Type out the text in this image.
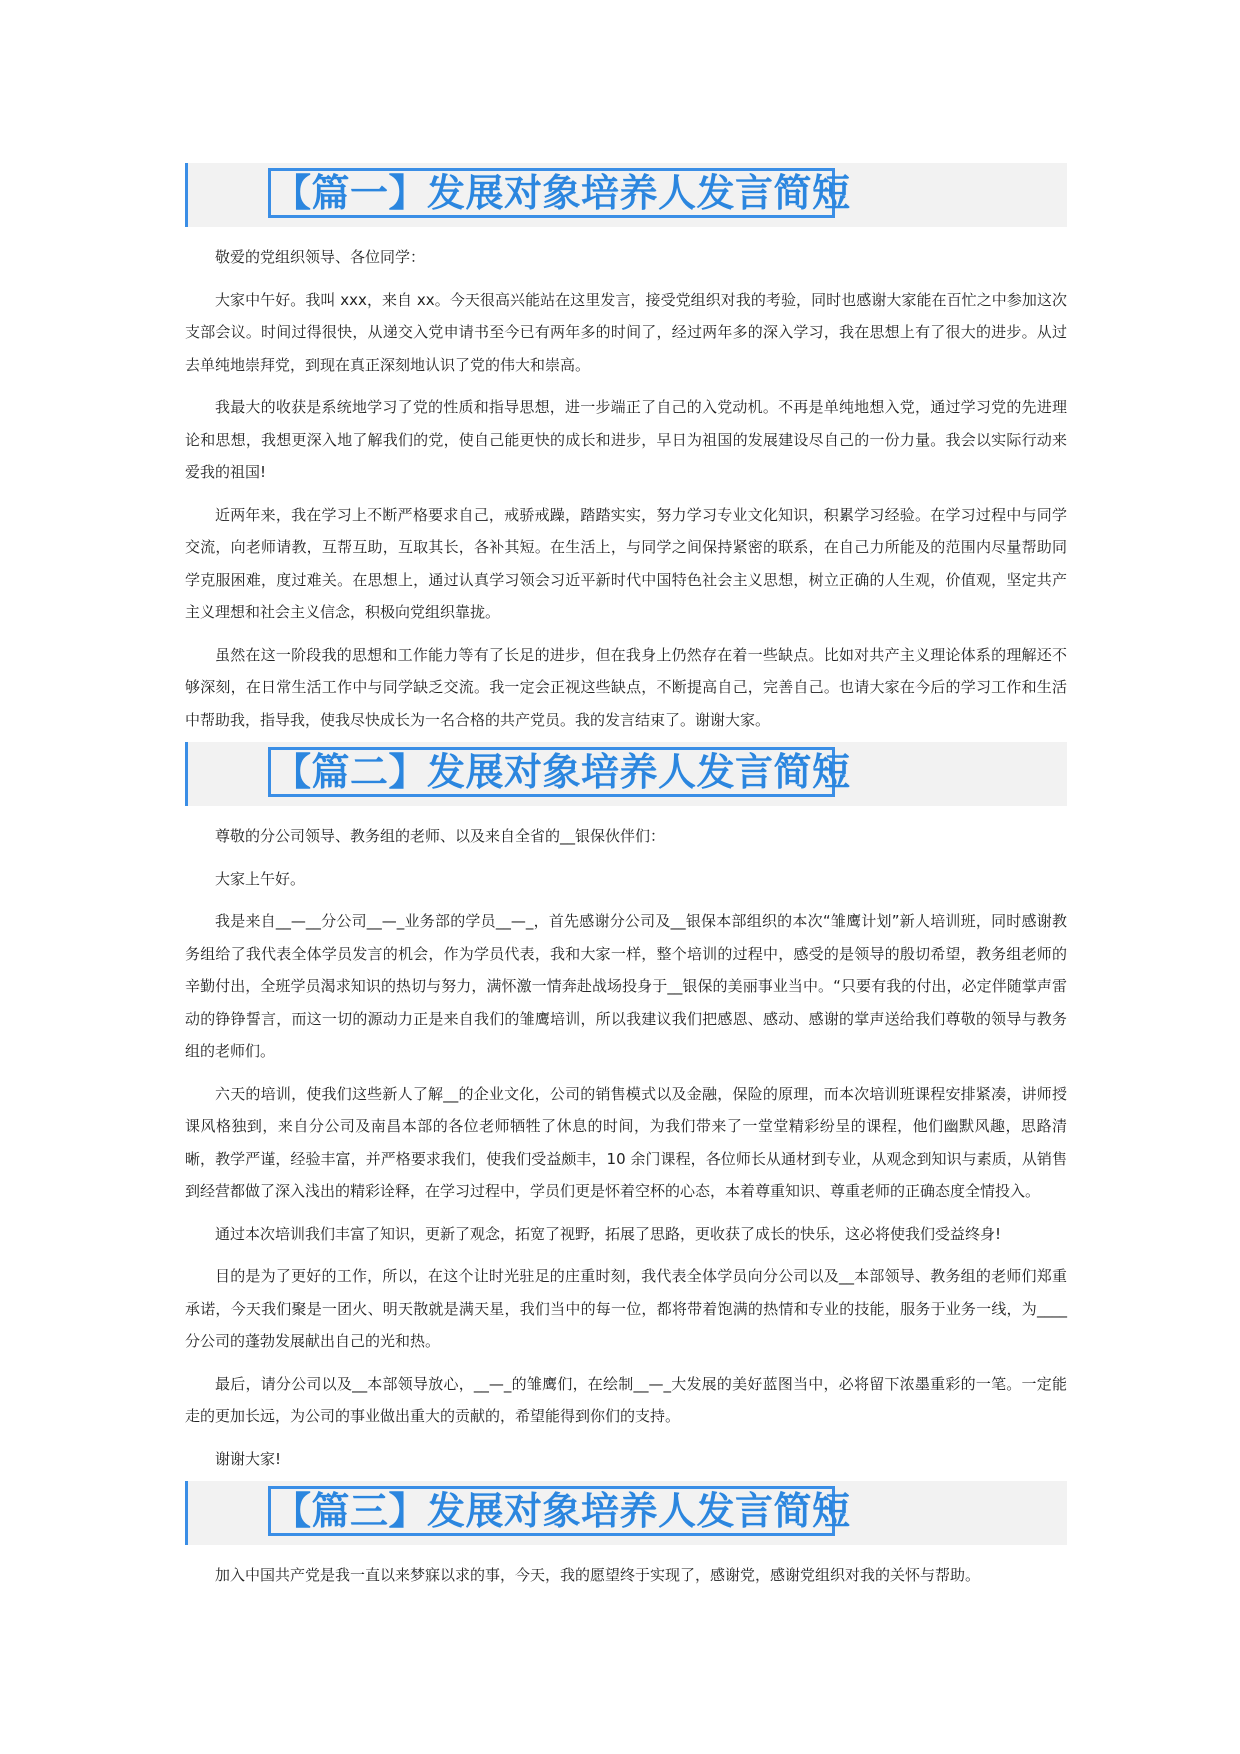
【篇一】发展对象培养人发言简短

敬爱的党组织领导、各位同学：

大家中午好。我叫 xxx，来自 xx。今天很高兴能站在这里发言，接受党组织对我的考验，同时也感谢大家能在百忙之中参加这次支部会议。时间过得很快，从递交入党申请书至今已有两年多的时间了，经过两年多的深入学习，我在思想上有了很大的进步。从过去单纯地崇拜党，到现在真正深刻地认识了党的伟大和崇高。

我最大的收获是系统地学习了党的性质和指导思想，进一步端正了自己的入党动机。不再是单纯地想入党，通过学习党的先进理论和思想，我想更深入地了解我们的党，使自己能更快的成长和进步，早日为祖国的发展建设尽自己的一份力量。我会以实际行动来爱我的祖国!

近两年来，我在学习上不断严格要求自己，戒骄戒躁，踏踏实实，努力学习专业文化知识，积累学习经验。在学习过程中与同学交流，向老师请教，互帮互助，互取其长，各补其短。在生活上，与同学之间保持紧密的联系，在自己力所能及的范围内尽量帮助同学克服困难，度过难关。在思想上，通过认真学习领会习近平新时代中国特色社会主义思想，树立正确的人生观，价值观，坚定共产主义理想和社会主义信念，积极向党组织靠拢。

虽然在这一阶段我的思想和工作能力等有了长足的进步，但在我身上仍然存在着一些缺点。比如对共产主义理论体系的理解还不够深刻，在日常生活工作中与同学缺乏交流。我一定会正视这些缺点，不断提高自己，完善自己。也请大家在今后的学习工作和生活中帮助我，指导我，使我尽快成长为一名合格的共产党员。我的发言结束了。谢谢大家。

【篇二】发展对象培养人发言简短

尊敬的分公司领导、教务组的老师、以及来自全省的__银保伙伴们：

大家上午好。

我是来自__—__分公司__—_业务部的学员__—_，首先感谢分公司及__银保本部组织的本次“雏鹰计划”新人培训班，同时感谢教务组给了我代表全体学员发言的机会，作为学员代表，我和大家一样，整个培训的过程中，感受的是领导的殷切希望，教务组老师的辛勤付出，全班学员渴求知识的热切与努力，满怀激一情奔赴战场投身于__银保的美丽事业当中。“只要有我的付出，必定伴随掌声雷动的铮铮誓言，而这一切的源动力正是来自我们的雏鹰培训，所以我建议我们把感恩、感动、感谢的掌声送给我们尊敬的领导与教务组的老师们。

六天的培训，使我们这些新人了解__的企业文化，公司的销售模式以及金融，保险的原理，而本次培训班课程安排紧凑，讲师授课风格独到，来自分公司及南昌本部的各位老师牺牲了休息的时间，为我们带来了一堂堂精彩纷呈的课程，他们幽默风趣，思路清晰，教学严谨，经验丰富，并严格要求我们，使我们受益颇丰，10 余门课程，各位师长从通材到专业，从观念到知识与素质，从销售到经营都做了深入浅出的精彩诠释，在学习过程中，学员们更是怀着空杯的心态，本着尊重知识、尊重老师的正确态度全情投入。

通过本次培训我们丰富了知识，更新了观念，拓宽了视野，拓展了思路，更收获了成长的快乐，这必将使我们受益终身!

目的是为了更好的工作，所以，在这个让时光驻足的庄重时刻，我代表全体学员向分公司以及__本部领导、教务组的老师们郑重承诺，今天我们聚是一团火、明天散就是满天星，我们当中的每一位，都将带着饱满的热情和专业的技能，服务于业务一线，为____分公司的蓬勃发展献出自己的光和热。

最后，请分公司以及__本部领导放心，__—_的雏鹰们，在绘制__—_大发展的美好蓝图当中，必将留下浓墨重彩的一笔。一定能走的更加长远，为公司的事业做出重大的贡献的，希望能得到你们的支持。

谢谢大家!

【篇三】发展对象培养人发言简短

加入中国共产党是我一直以来梦寐以求的事，今天，我的愿望终于实现了，感谢党，感谢党组织对我的关怀与帮助。
